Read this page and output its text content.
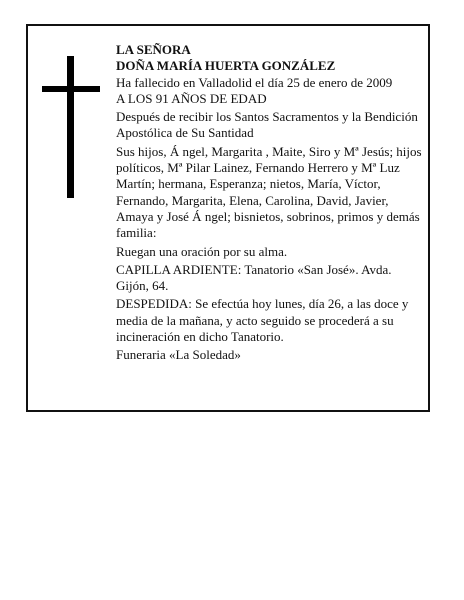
LA SEÑORA

DOÑA MARÍA HUERTA GONZÁLEZ

Ha fallecido en Valladolid el día 25 de enero de 2009

A LOS 91 AÑOS DE EDAD

Después de recibir los Santos Sacramentos y la Bendición Apostólica de Su Santidad

Sus hijos, Á ngel, Margarita , Maite, Siro y Mª Jesús; hijos políticos, Mª Pilar Lainez, Fernando Herrero y Mª Luz Martín; hermana, Esperanza; nietos, María, Víctor, Fernando, Margarita, Elena, Carolina, David, Javier, Amaya y José Á ngel; bisnietos, sobrinos, primos y demás familia:

Ruegan una oración por su alma.

CAPILLA ARDIENTE: Tanatorio «San José». Avda. Gijón, 64.

DESPEDIDA: Se efectúa hoy lunes, día 26, a las doce y media de la mañana, y acto seguido se procederá a su incineración en dicho Tanatorio.

Funeraria «La Soledad»
